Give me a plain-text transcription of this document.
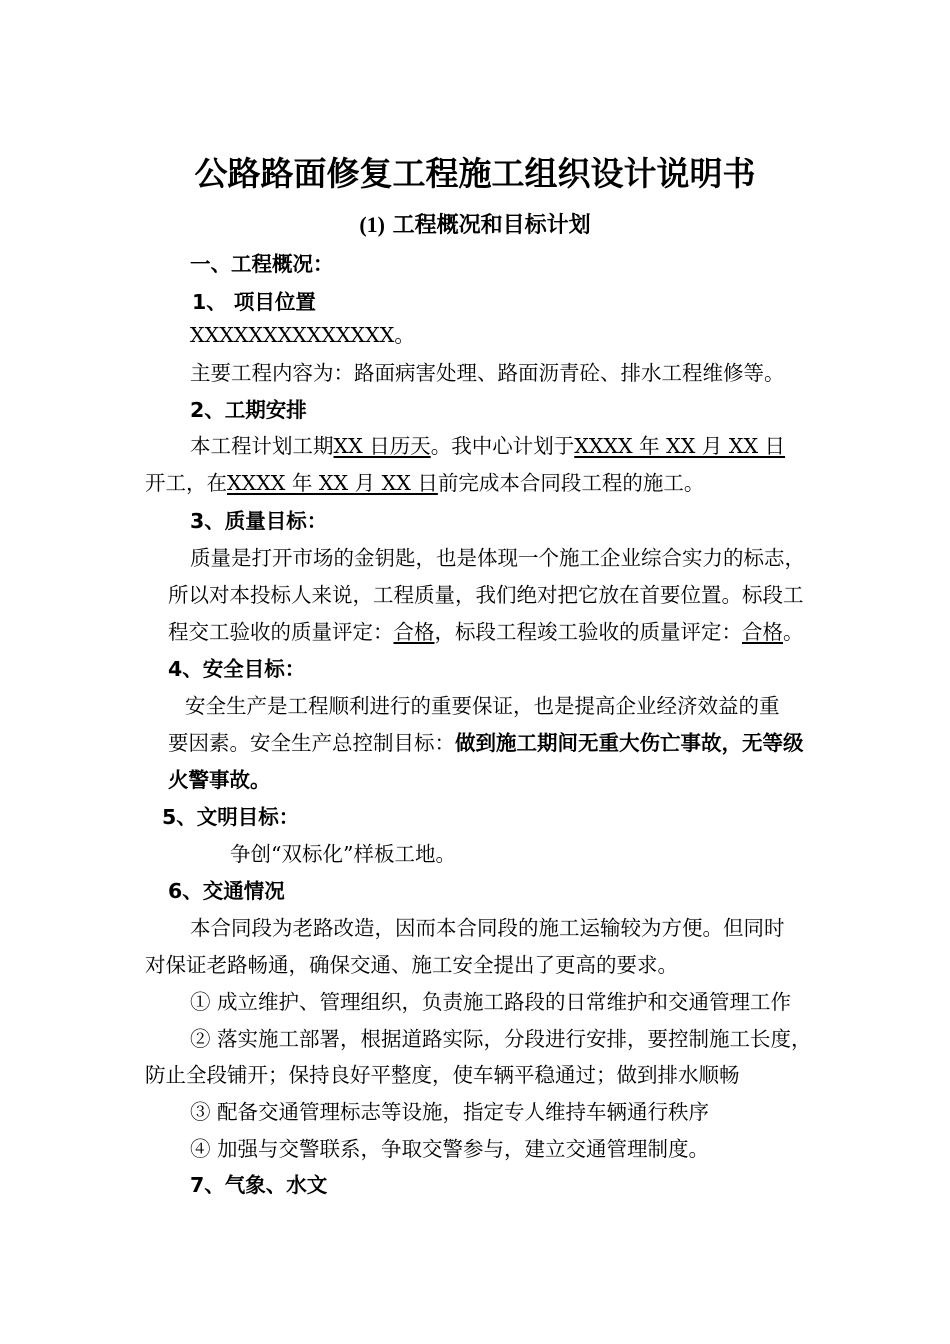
公路路面修复工程施工组织设计说明书
(1) 工程概况和目标计划
一、工程概况：
1、 项目位置
XXXXXXXXXXXXXX。
主要工程内容为：路面病害处理、路面沥青砼、排水工程维修等。
2、工期安排
本工程计划工期XX 日历天。我中心计划于XXXX 年 XX 月 XX 日
开工，在XXXX 年 XX 月 XX 日前完成本合同段工程的施工。
3、质量目标：
质量是打开市场的金钥匙，也是体现一个施工企业综合实力的标志，
所以对本投标人来说，工程质量，我们绝对把它放在首要位置。标段工
程交工验收的质量评定：合格，标段工程竣工验收的质量评定：合格。
4、安全目标：
安全生产是工程顺利进行的重要保证，也是提高企业经济效益的重
要因素。安全生产总控制目标：做到施工期间无重大伤亡事故，无等级
火警事故。
5、文明目标：
争创“双标化”样板工地。
6、交通情况
本合同段为老路改造，因而本合同段的施工运输较为方便。但同时
对保证老路畅通，确保交通、施工安全提出了更高的要求。
① 成立维护、管理组织，负责施工路段的日常维护和交通管理工作
② 落实施工部署，根据道路实际，分段进行安排，要控制施工长度，
防止全段铺开；保持良好平整度，使车辆平稳通过；做到排水顺畅
③ 配备交通管理标志等设施，指定专人维持车辆通行秩序
④ 加强与交警联系，争取交警参与，建立交通管理制度。
7、气象、水文
